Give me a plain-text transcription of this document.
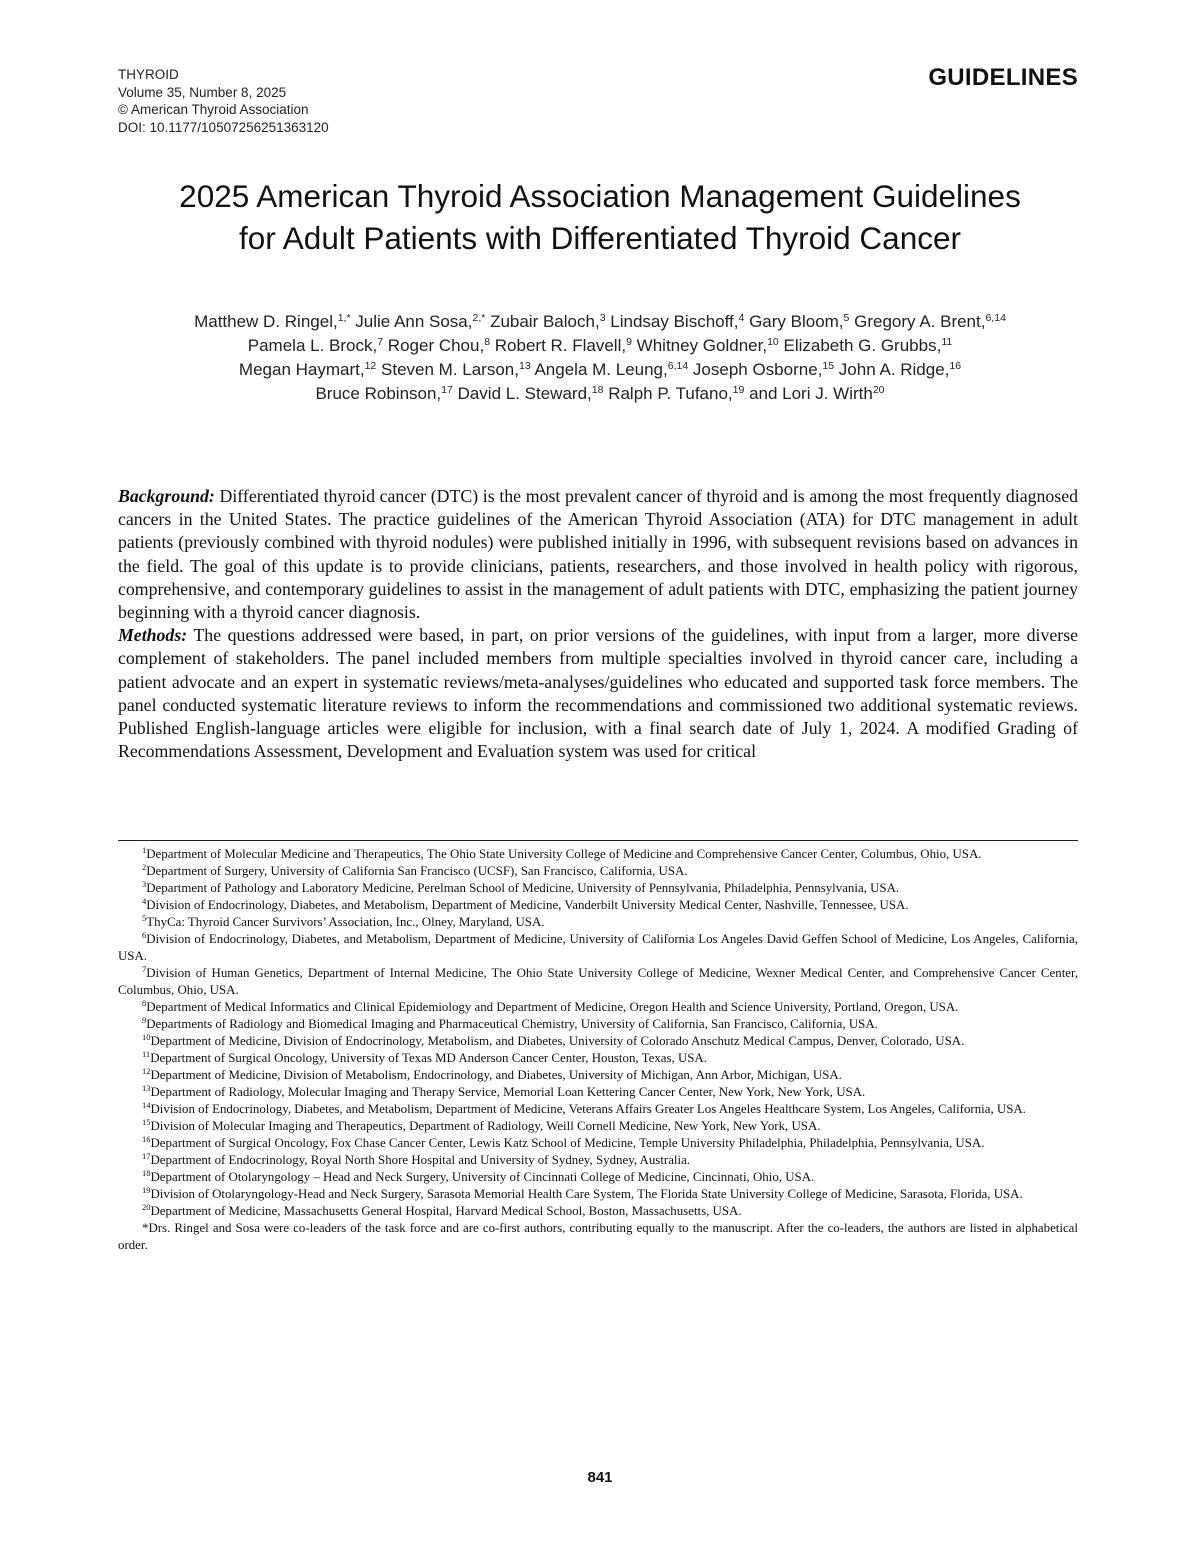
THYROID
Volume 35, Number 8, 2025
© American Thyroid Association
DOI: 10.1177/10507256251363120
GUIDELINES
2025 American Thyroid Association Management Guidelines
for Adult Patients with Differentiated Thyroid Cancer
Matthew D. Ringel,$^{1,*}$ Julie Ann Sosa,$^{2,*}$ Zubair Baloch,$^3$ Lindsay Bischoff,$^4$ Gary Bloom,$^5$ Gregory A. Brent,$^{6,14}$
Pamela L. Brock,$^7$ Roger Chou,$^8$ Robert R. Flavell,$^9$ Whitney Goldner,$^{10}$ Elizabeth G. Grubbs,$^{11}$
Megan Haymart,$^{12}$ Steven M. Larson,$^{13}$ Angela M. Leung,$^{6,14}$ Joseph Osborne,$^{15}$ John A. Ridge,$^{16}$
Bruce Robinson,$^{17}$ David L. Steward,$^{18}$ Ralph P. Tufano,$^{19}$ and Lori J. Wirth$^{20}$

Background: Differentiated thyroid cancer (DTC) is the most prevalent cancer of thyroid and is among the most frequently diagnosed cancers in the United States. The practice guidelines of the American Thyroid Association (ATA) for DTC management in adult patients (previously combined with thyroid nodules) were published initially in 1996, with subsequent revisions based on advances in the field. The goal of this update is to provide clinicians, patients, researchers, and those involved in health policy with rigorous, comprehensive, and contemporary guidelines to assist in the management of adult patients with DTC, emphasizing the patient journey beginning with a thyroid cancer diagnosis.

Methods: The questions addressed were based, in part, on prior versions of the guidelines, with input from a larger, more diverse complement of stakeholders. The panel included members from multiple specialties involved in thyroid cancer care, including a patient advocate and an expert in systematic reviews/meta-analyses/guidelines who educated and supported task force members. The panel conducted systematic literature reviews to inform the recommendations and commissioned two additional systematic reviews. Published English-language articles were eligible for inclusion, with a final search date of July 1, 2024. A modified Grading of Recommendations Assessment, Development and Evaluation system was used for critical

$^1$Department of Molecular Medicine and Therapeutics, The Ohio State University College of Medicine and Comprehensive Cancer Center, Columbus, Ohio, USA.

$^2$Department of Surgery, University of California San Francisco (UCSF), San Francisco, California, USA.

$^3$Department of Pathology and Laboratory Medicine, Perelman School of Medicine, University of Pennsylvania, Philadelphia, Pennsylvania, USA.

$^4$Division of Endocrinology, Diabetes, and Metabolism, Department of Medicine, Vanderbilt University Medical Center, Nashville, Tennessee, USA.

$^5$ThyCa: Thyroid Cancer Survivors’ Association, Inc., Olney, Maryland, USA.

$^6$Division of Endocrinology, Diabetes, and Metabolism, Department of Medicine, University of California Los Angeles David Geffen School of Medicine, Los Angeles, California, USA.

$^7$Division of Human Genetics, Department of Internal Medicine, The Ohio State University College of Medicine, Wexner Medical Center, and Comprehensive Cancer Center, Columbus, Ohio, USA.

$^8$Department of Medical Informatics and Clinical Epidemiology and Department of Medicine, Oregon Health and Science University, Portland, Oregon, USA.

$^9$Departments of Radiology and Biomedical Imaging and Pharmaceutical Chemistry, University of California, San Francisco, California, USA.

$^{10}$Department of Medicine, Division of Endocrinology, Metabolism, and Diabetes, University of Colorado Anschutz Medical Campus, Denver, Colorado, USA.

$^{11}$Department of Surgical Oncology, University of Texas MD Anderson Cancer Center, Houston, Texas, USA.

$^{12}$Department of Medicine, Division of Metabolism, Endocrinology, and Diabetes, University of Michigan, Ann Arbor, Michigan, USA.

$^{13}$Department of Radiology, Molecular Imaging and Therapy Service, Memorial Loan Kettering Cancer Center, New York, New York, USA.

$^{14}$Division of Endocrinology, Diabetes, and Metabolism, Department of Medicine, Veterans Affairs Greater Los Angeles Healthcare System, Los Angeles, California, USA.

$^{15}$Division of Molecular Imaging and Therapeutics, Department of Radiology, Weill Cornell Medicine, New York, New York, USA.

$^{16}$Department of Surgical Oncology, Fox Chase Cancer Center, Lewis Katz School of Medicine, Temple University Philadelphia, Philadelphia, Pennsylvania, USA.

$^{17}$Department of Endocrinology, Royal North Shore Hospital and University of Sydney, Sydney, Australia.

$^{18}$Department of Otolaryngology – Head and Neck Surgery, University of Cincinnati College of Medicine, Cincinnati, Ohio, USA.

$^{19}$Division of Otolaryngology-Head and Neck Surgery, Sarasota Memorial Health Care System, The Florida State University College of Medicine, Sarasota, Florida, USA.

$^{20}$Department of Medicine, Massachusetts General Hospital, Harvard Medical School, Boston, Massachusetts, USA.

*Drs. Ringel and Sosa were co-leaders of the task force and are co-first authors, contributing equally to the manuscript. After the co-leaders, the authors are listed in alphabetical order.

841
